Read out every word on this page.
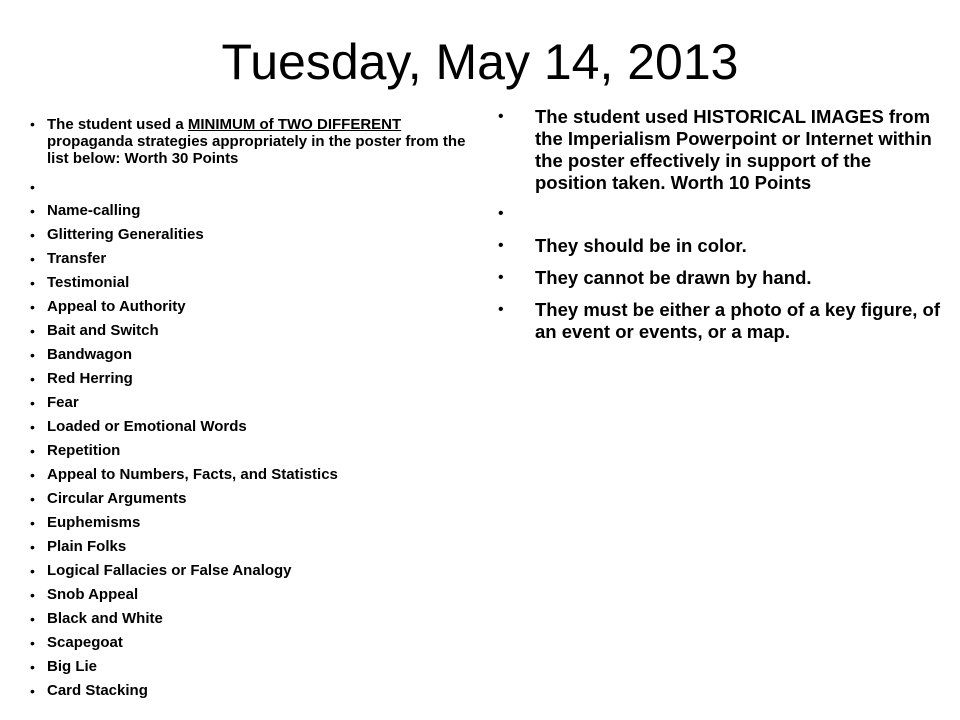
Tuesday, May 14, 2013
• The student used a MINIMUM of TWO DIFFERENT propaganda strategies appropriately in the poster from the list below: Worth 30 Points
•
• Name-calling
• Glittering Generalities
• Transfer
• Testimonial
• Appeal to Authority
• Bait and Switch
• Bandwagon
• Red Herring
• Fear
• Loaded or Emotional Words
• Repetition
• Appeal to Numbers, Facts, and Statistics
• Circular Arguments
• Euphemisms
• Plain Folks
• Logical Fallacies or False Analogy
• Snob Appeal
• Black and White
• Scapegoat
• Big Lie
• Card Stacking
• The student used HISTORICAL IMAGES from the Imperialism Powerpoint or Internet within the poster effectively in support of the position taken. Worth 10 Points
•
• They should be in color.
• They cannot be drawn by hand.
• They must be either a photo of a key figure, of an event or events, or a map.
